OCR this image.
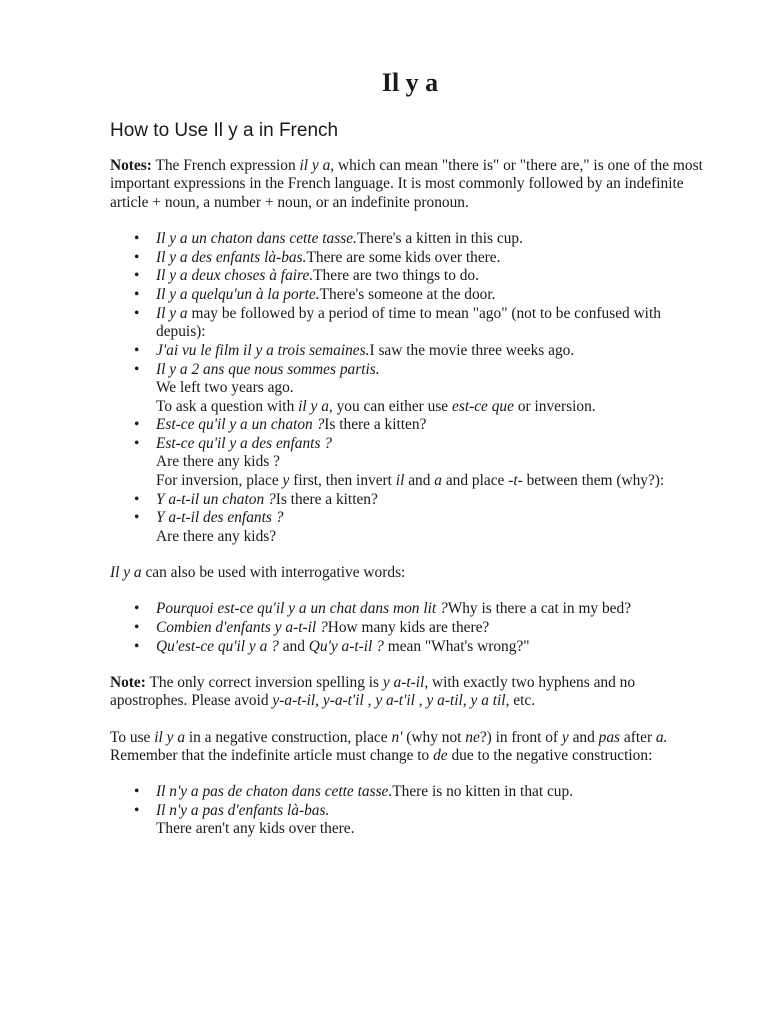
Il y a
How to Use Il y a in French

Notes: The French expression il y a, which can mean "there is" or "there are," is one of the most important expressions in the French language. It is most commonly followed by an indefinite article + noun, a number + noun, or an indefinite pronoun.

• Il y a un chaton dans cette tasse.There's a kitten in this cup.
• Il y a des enfants là-bas.There are some kids over there.
• Il y a deux choses à faire.There are two things to do.
• Il y a quelqu'un à la porte.There's someone at the door.
• Il y a may be followed by a period of time to mean "ago" (not to be confused with depuis):
• J'ai vu le film il y a trois semaines.I saw the movie three weeks ago.
• Il y a 2 ans que nous sommes partis.
We left two years ago.
To ask a question with il y a, you can either use est-ce que or inversion.
• Est-ce qu'il y a un chaton ?Is there a kitten?
• Est-ce qu'il y a des enfants ?
Are there any kids ?
For inversion, place y first, then invert il and a and place -t- between them (why?):
• Y a-t-il un chaton ?Is there a kitten?
• Y a-t-il des enfants ?
Are there any kids?

Il y a can also be used with interrogative words:

• Pourquoi est-ce qu'il y a un chat dans mon lit ?Why is there a cat in my bed?
• Combien d'enfants y a-t-il ?How many kids are there?
• Qu'est-ce qu'il y a ? and Qu'y a-t-il ? mean "What's wrong?"

Note: The only correct inversion spelling is y a-t-il, with exactly two hyphens and no apostrophes. Please avoid y-a-t-il, y-a-t'il , y a-t'il , y a-til, y a til, etc.

To use il y a in a negative construction, place n' (why not ne?) in front of y and pas after a. Remember that the indefinite article must change to de due to the negative construction:

• Il n'y a pas de chaton dans cette tasse.There is no kitten in that cup.
• Il n'y a pas d'enfants là-bas.
There aren't any kids over there.
